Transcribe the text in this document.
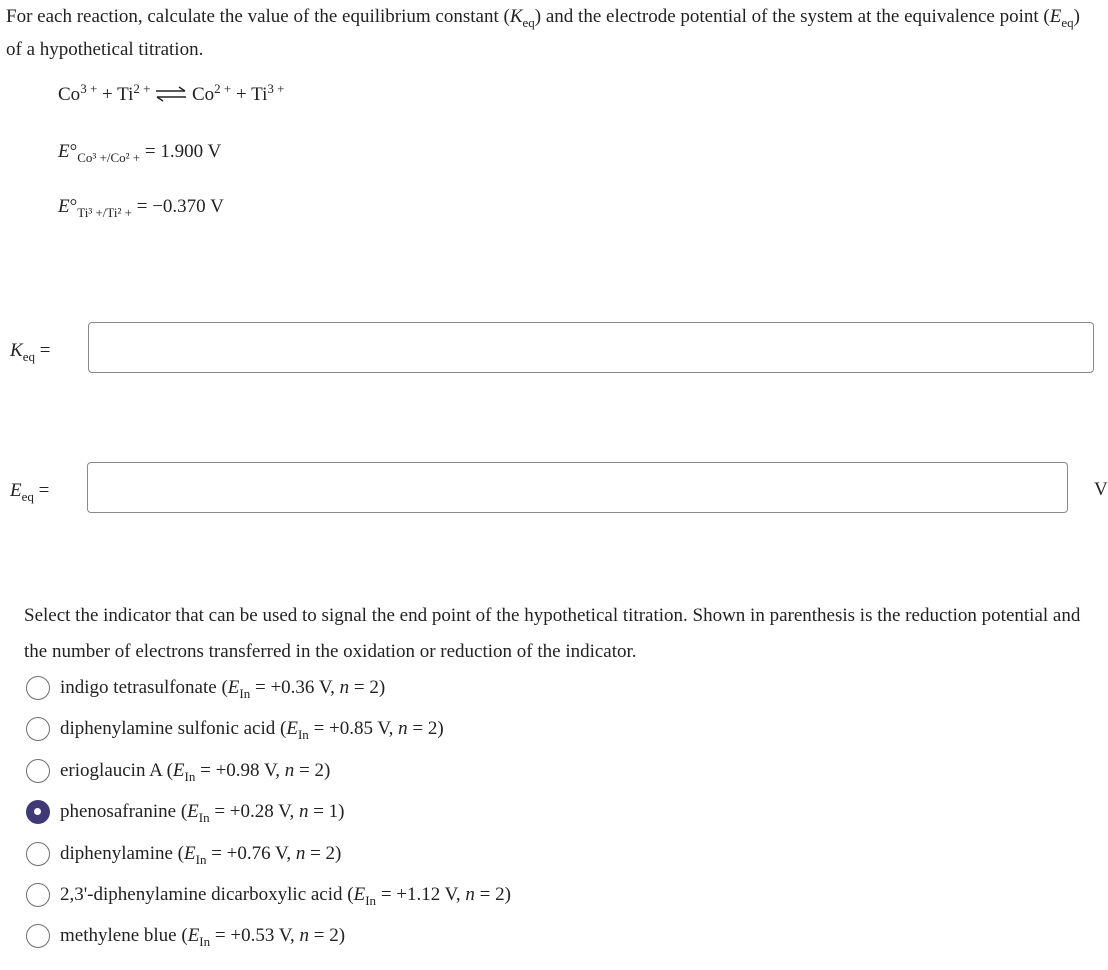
For each reaction, calculate the value of the equilibrium constant $(K_{eq})$ and the electrode potential of the system at the equivalence point $(E_{eq})$ of a hypothetical titration.
$Co^{3 +} + Ti^{2 +}$ ⇌ $Co^{2 +} + Ti^{3 +}$
$E^\circ_{Co^3 +/Co^2 +} = 1.900$ V
$E^\circ_{Ti^3 +/Ti^2 +} = -0.370$ V
$K_{eq}$ =
$E_{eq}$ =	V
Select the indicator that can be used to signal the end point of the hypothetical titration. Shown in parenthesis is the reduction potential and the number of electrons transferred in the oxidation or reduction of the indicator.
indigo tetrasulfonate ($E_{In} = +0.36$ V, n = 2)
diphenylamine sulfonic acid ($E_{In} = +0.85$ V, n = 2)
erioglaucin A ($E_{In} = +0.98$ V, n = 2)
phenosafranine ($E_{In} = +0.28$ V, n = 1)
diphenylamine ($E_{In} = +0.76$ V, n = 2)
2,3'-diphenylamine dicarboxylic acid ($E_{In} = +1.12$ V, n = 2)
methylene blue ($E_{In} = +0.53$ V, n = 2)
